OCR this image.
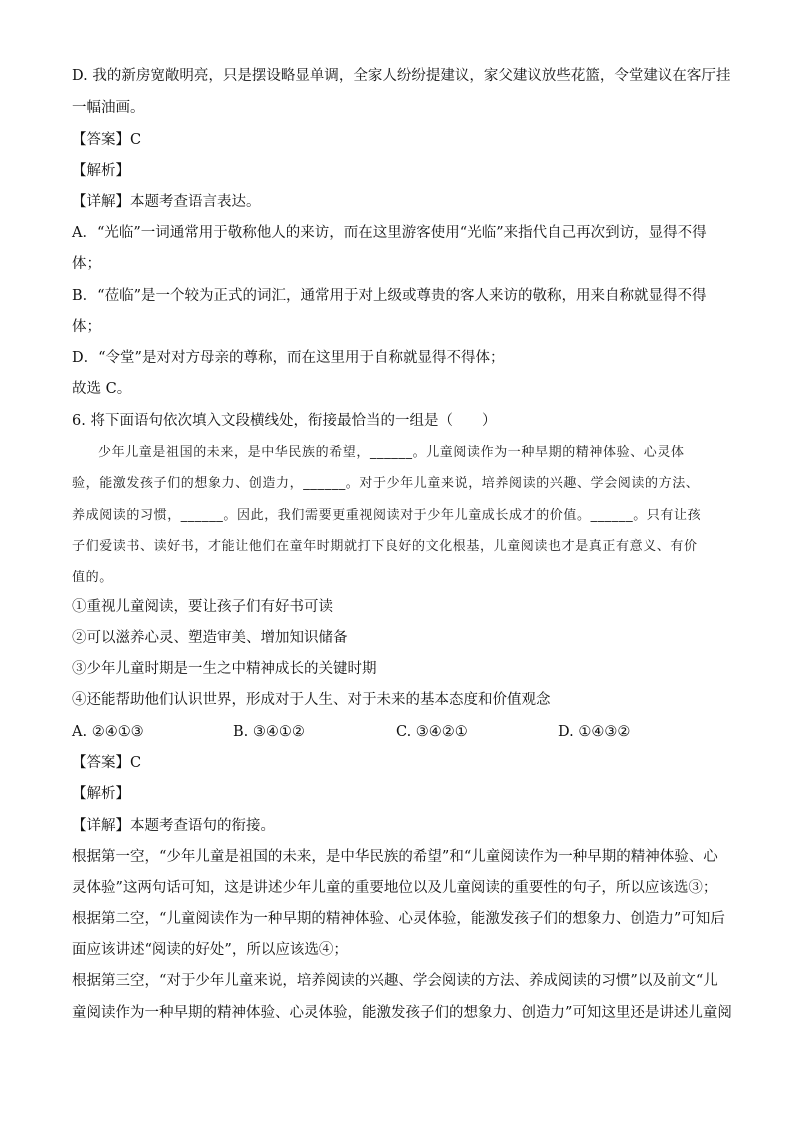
D. 我的新房宽敞明亮，只是摆设略显单调，全家人纷纷提建议，家父建议放些花篮，令堂建议在客厅挂
一幅油画。
【答案】C
【解析】
【详解】本题考查语言表达。
A．“光临”一词通常用于敬称他人的来访，而在这里游客使用“光临”来指代自己再次到访，显得不得
体；
B．“莅临”是一个较为正式的词汇，通常用于对上级或尊贵的客人来访的敬称，用来自称就显得不得
体；
D．“令堂”是对对方母亲的尊称，而在这里用于自称就显得不得体；
故选 C。
6. 将下面语句依次填入文段横线处，衔接最恰当的一组是（　　）
少年儿童是祖国的未来，是中华民族的希望，______。儿童阅读作为一种早期的精神体验、心灵体
验，能激发孩子们的想象力、创造力，______。对于少年儿童来说，培养阅读的兴趣、学会阅读的方法、
养成阅读的习惯，______。因此，我们需要更重视阅读对于少年儿童成长成才的价值。______。只有让孩
子们爱读书、读好书，才能让他们在童年时期就打下良好的文化根基，儿童阅读也才是真正有意义、有价
值的。
①重视儿童阅读，要让孩子们有好书可读
②可以滋养心灵、塑造审美、增加知识储备
③少年儿童时期是一生之中精神成长的关键时期
④还能帮助他们认识世界，形成对于人生、对于未来的基本态度和价值观念
A. ②④①③	B. ③④①②	C. ③④②①	D. ①④③②
【答案】C
【解析】
【详解】本题考查语句的衔接。
根据第一空，“少年儿童是祖国的未来，是中华民族的希望”和“儿童阅读作为一种早期的精神体验、心
灵体验”这两句话可知，这是讲述少年儿童的重要地位以及儿童阅读的重要性的句子，所以应该选③；
根据第二空，“儿童阅读作为一种早期的精神体验、心灵体验，能激发孩子们的想象力、创造力”可知后
面应该讲述“阅读的好处”，所以应该选④；
根据第三空，“对于少年儿童来说，培养阅读的兴趣、学会阅读的方法、养成阅读的习惯”以及前文“儿
童阅读作为一种早期的精神体验、心灵体验，能激发孩子们的想象力、创造力”可知这里还是讲述儿童阅
